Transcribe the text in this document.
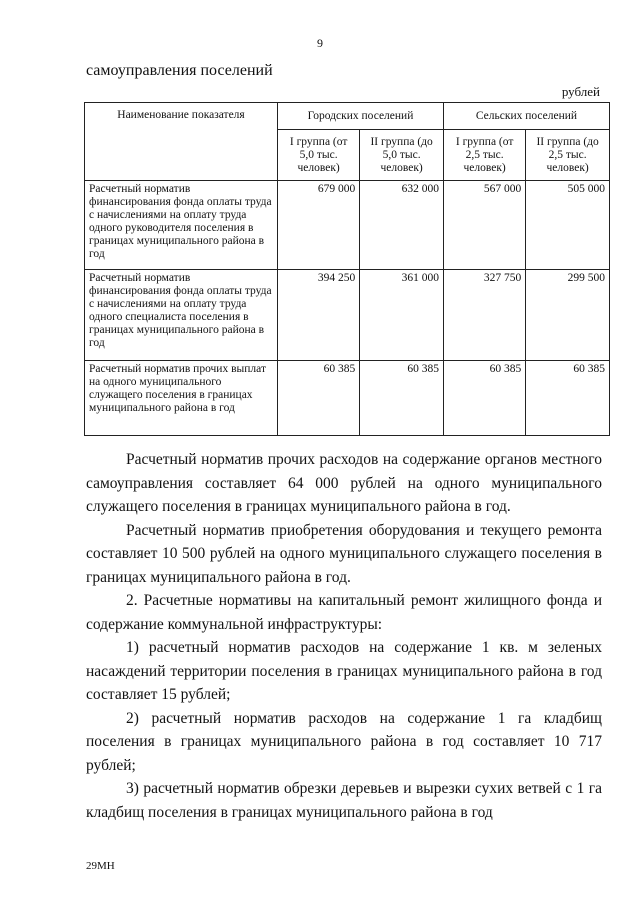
9
самоуправления поселений
рублей
Наименование показателя	Городских поселений		Сельских поселений	
	I группа (от 5,0 тыс. человек)	II группа (до 5,0 тыс. человек)	I группа (от 2,5 тыс. человек)	II группа (до 2,5 тыс. человек)
Расчетный норматив финансирования фонда оплаты труда с начислениями на оплату труда одного руководителя поселения в границах муниципального района в год	679 000	632 000	567 000	505 000
Расчетный норматив финансирования фонда оплаты труда с начислениями на оплату труда одного специалиста поселения в границах муниципального района в год	394 250	361 000	327 750	299 500
Расчетный норматив прочих выплат на одного муниципального служащего поселения в границах муниципального района в год	60 385	60 385	60 385	60 385

Расчетный норматив прочих расходов на содержание органов местного самоуправления составляет 64 000 рублей на одного муниципального служащего поселения в границах муниципального района в год.

Расчетный норматив приобретения оборудования и текущего ремонта составляет 10 500 рублей на одного муниципального служащего поселения в границах муниципального района в год.

2. Расчетные нормативы на капитальный ремонт жилищного фонда и содержание коммунальной инфраструктуры:

1) расчетный норматив расходов на содержание 1 кв. м зеленых насаждений территории поселения в границах муниципального района в год составляет 15 рублей;

2) расчетный норматив расходов на содержание 1 га кладбищ поселения в границах муниципального района в год составляет 10 717 рублей;

3) расчетный норматив обрезки деревьев и вырезки сухих ветвей с 1 га кладбищ поселения в границах муниципального района в год

29МН
